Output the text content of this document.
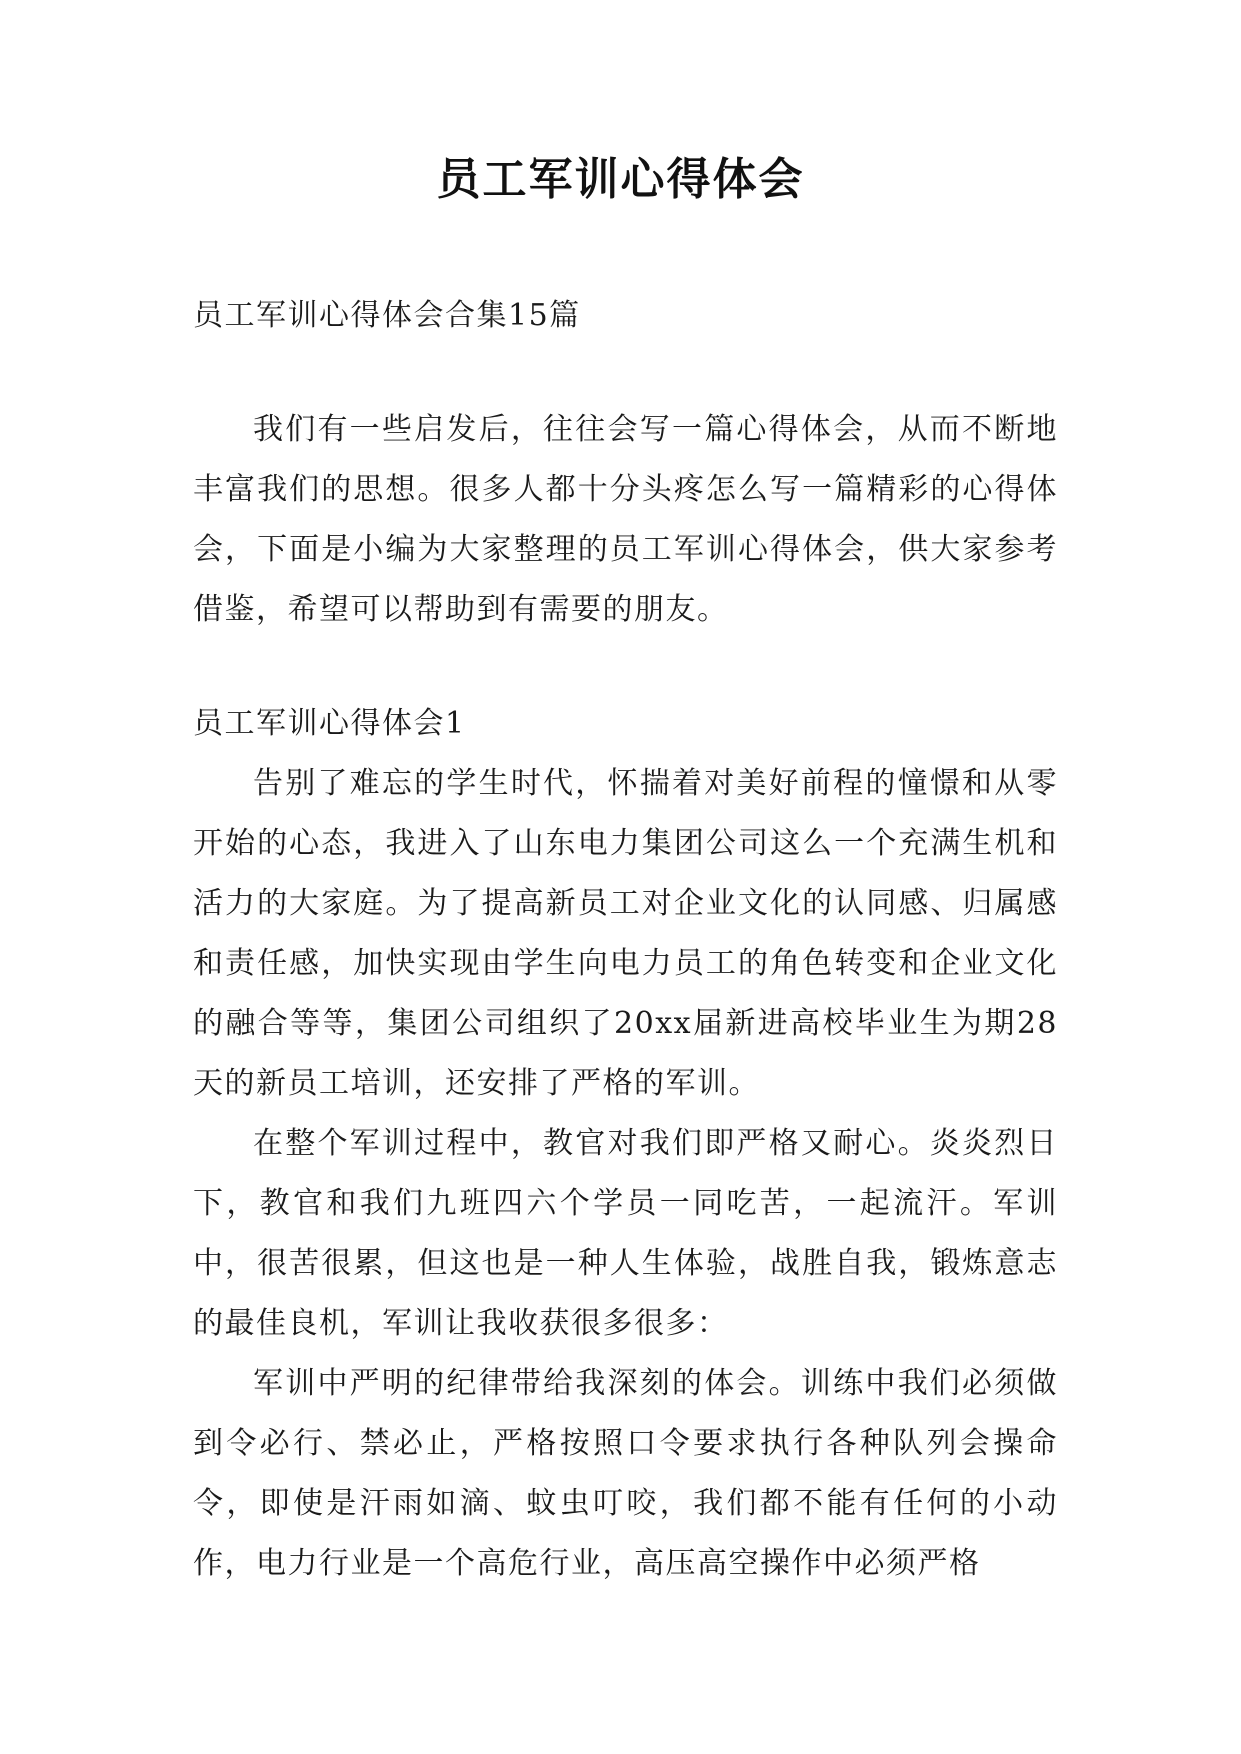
员工军训心得体会

员工军训心得体会合集15篇

我们有一些启发后，往往会写一篇心得体会，从而不断地丰富我们的思想。很多人都十分头疼怎么写一篇精彩的心得体会，下面是小编为大家整理的员工军训心得体会，供大家参考借鉴，希望可以帮助到有需要的朋友。

员工军训心得体会1

告别了难忘的学生时代，怀揣着对美好前程的憧憬和从零开始的心态，我进入了山东电力集团公司这么一个充满生机和活力的大家庭。为了提高新员工对企业文化的认同感、归属感和责任感，加快实现由学生向电力员工的角色转变和企业文化的融合等等，集团公司组织了20xx届新进高校毕业生为期28天的新员工培训，还安排了严格的军训。

在整个军训过程中，教官对我们即严格又耐心。炎炎烈日下，教官和我们九班四六个学员一同吃苦，一起流汗。军训中，很苦很累，但这也是一种人生体验，战胜自我，锻炼意志的最佳良机，军训让我收获很多很多：

军训中严明的纪律带给我深刻的体会。训练中我们必须做到令必行、禁必止，严格按照口令要求执行各种队列会操命令，即使是汗雨如滴、蚊虫叮咬，我们都不能有任何的小动作，电力行业是一个高危行业，高压高空操作中必须严格
